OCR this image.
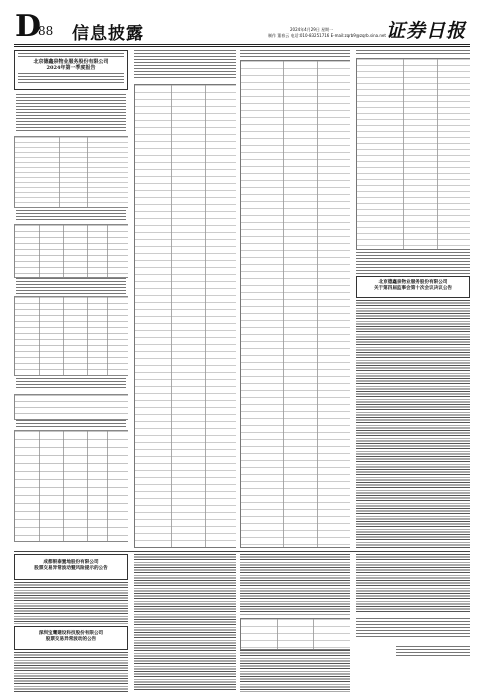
D
88 信息披露	2024年4月29日 星期一
制作 董春云 电话:010-83251716 E-mail:zqrb9@zqrb.sina.net 证券日报
北京德鑫泉物业服务股份有限公司
2024年第一季度报告
北京德鑫泉物业服务股份有限公司
关于第四届监事会第十次会议决议公告
成都银泰置地股份有限公司
股票交易异常波动暨风险提示的公告
深圳宝鹰建设科技股份有限公司
股票交易异常波动的公告
